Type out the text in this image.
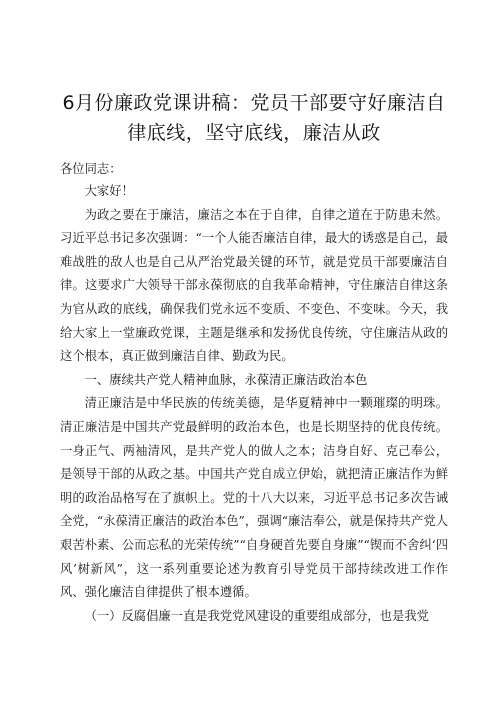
6月份廉政党课讲稿：党员干部要守好廉洁自
律底线，坚守底线，廉洁从政

各位同志：

大家好！

为政之要在于廉洁，廉洁之本在于自律，自律之道在于防患未然。习近平总书记多次强调：“一个人能否廉洁自律，最大的诱惑是自己，最难战胜的敌人也是自己从严治党最关键的环节，就是党员干部要廉洁自律。这要求广大领导干部永葆彻底的自我革命精神，守住廉洁自律这条为官从政的底线，确保我们党永远不变质、不变色、不变味。今天，我给大家上一堂廉政党课，主题是继承和发扬优良传统，守住廉洁从政的这个根本，真正做到廉洁自律、勤政为民。

一、赓续共产党人精神血脉，永葆清正廉洁政治本色

清正廉洁是中华民族的传统美德，是华夏精神中一颗璀璨的明珠。清正廉洁是中国共产党最鲜明的政治本色，也是长期坚持的优良传统。一身正气、两袖清风，是共产党人的做人之本；洁身自好、克己奉公，是领导干部的从政之基。中国共产党自成立伊始，就把清正廉洁作为鲜明的政治品格写在了旗帜上。党的十八大以来，习近平总书记多次告诫全党，“永葆清正廉洁的政治本色”，强调“廉洁奉公，就是保持共产党人艰苦朴素、公而忘私的光荣传统”“自身硬首先要自身廉”“锲而不舍纠‘四风’树新风”，这一系列重要论述为教育引导党员干部持续改进工作作风、强化廉洁自律提供了根本遵循。

（一）反腐倡廉一直是我党党风建设的重要组成部分，也是我党
